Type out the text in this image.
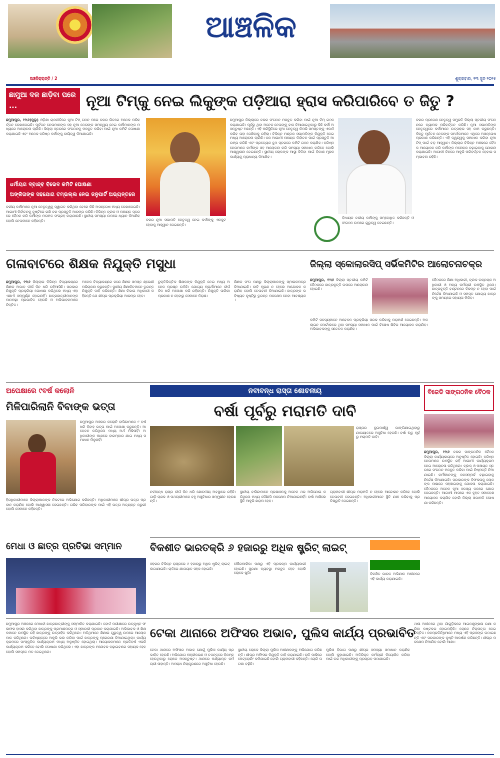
ଆଞ୍ଚଳିକ
ଅଞ୍ଚଳିକ୍ରାନ୍ତି / 2	ଶୁକ୍ରବାର, ୧୩ ଜୁନ ୨୦୨୫
ଛାମୁଆ ଦଳ ଛାଡ଼ିବା ପରେ ...	ନୂଆ ଟିମ୍‌କୁ ନେଇ ଲିକୁଙ୍କ ପଡ଼ିଆରା ହ୍ରାସ କରିପାରିବେ ତ ଜିତୁ ?
ଛମୁଆପୁର, ୧୨ା୬(ଜୁଲୁ) ଓଡ଼ିଶା ରାଜନୀତିରେ ନୂଆ ଟିମ୍ ଗଠନ ପରେ ଦଳର ଭିତରେ ଅନେକ ପରିବର୍ତ୍ତନ ଦେଖାଦେଇଛି। ପୂର୍ବତନ ନେତାମାନଙ୍କ ସହ ନୂଆ ନେତାଙ୍କ ସମନ୍ୱୟ ନେଇ କର୍ମୀମାନଙ୍କ ମଧ୍ୟରେ ଆଲୋଚନା ଚାଲିଛି। ଜିଲ୍ଲା ସ୍ତରରେ ସଂଗଠନକୁ ମଜବୁତ କରିବା ପାଇଁ ନୂଆ କମିଟି ଘୋଷଣା କରାଯାଇଛି ଏବଂ ଅନେକ ବରିଷ୍ଠ କର୍ମୀଙ୍କୁ ଦାୟିତ୍ୱ ଦିଆଯାଇଛି।
ଧର୍ମୀୟଗ ଦ୍ବାନ୍ଦ୍ବ ବିଭେଦ କମିଟି ଘୋଷଣା
ଅଙ୍କିତାଙ୍କ ସହଯୋଗ ତମ୍ଭଲ୍ଲ ନେଇ ଜନୁପାର୍ଟି ଅଭ୍ୟନ୍ତରେ
ଦଳୀୟ କର୍ମୀମାନେ ନୂଆ ନେତୃତ୍ୱକୁ ସ୍ୱାଗତ କରିଥିବା ବେଳେ କିଛି ଅସନ୍ତୋଷ ମଧ୍ୟ ଦେଖାଦେଇଛି। ଆଗାମୀ ନିର୍ବାଚନକୁ ଦୃଷ୍ଟିରେ ରଖି ଦଳ ପ୍ରସ୍ତୁତି ଆରମ୍ଭ କରିଛି। ବିଭିନ୍ନ ବ୍ଲକ ଓ ପଞ୍ଚାୟତ ସ୍ତରରେ ବୈଠକ କରି କର୍ମୀଙ୍କ ମତାମତ ସଂଗ୍ରହ କରାଯାଉଛି। ସ୍ଥାନୀୟ ସମସ୍ୟା ଉପରେ ଧ୍ୟାନ ଦିଆଯିବ ବୋଲି ନେତାମାନେ କହିଛନ୍ତି।	ଦଳର ନୂଆ ସଭାପତି ନେତୃତ୍ୱ ନେଇ କର୍ମୀଙ୍କୁ ଏକଜୁଟ ହେବାକୁ ଆହ୍ୱାନ ଦେଇଛନ୍ତି।
ଛମୁଆପୁର ଜିଲ୍ଲାରେ ଦଳର ସଂଗଠନ ମଜବୁତ କରିବା ପାଇଁ ନୂଆ ଟିମ୍ ଗଠନ କରାଯାଇଛି। ପୂର୍ବରୁ ଥିବା ଅନେକ ନେତାଙ୍କୁ ବାଦ ଦିଆଯାଇଥିବାରୁ କିଛି କର୍ମୀ ଅସନ୍ତୁଷ୍ଟ ଅଛନ୍ତି। ଏହି ପରିସ୍ଥିତିରେ ନୂଆ ନେତୃତ୍ୱ କିପରି ସମସ୍ତଙ୍କୁ ଏକାଠି କରିବ ତାହା ଦେଖିବାକୁ ରହିଲା। ବିଭିନ୍ନ ମଣ୍ଡଳ ସଭାପତିଙ୍କ ନିଯୁକ୍ତି ନେଇ ମଧ୍ୟ ଆଲୋଚନା ଚାଲିଛି। ଦଳ ଆଗାମୀ ପଞ୍ଚାୟତ ନିର୍ବାଚନ ପାଇଁ ପ୍ରସ୍ତୁତି ଆରମ୍ଭ କରିଛି ଏବଂ ପ୍ରତ୍ୟେକ ବୁଥ ସ୍ତରରେ କମିଟି ଗଠନ କରାଯିବ। ବରିଷ୍ଠ ନେତାମାନେ କର୍ମୀଙ୍କ ସହ ଆଲୋଚନା କରି ସମସ୍ୟା ସମାଧାନ କରିବେ ବୋଲି ଆଶ୍ୱାସନା ଦେଇଛନ୍ତି। ସ୍ଥାନୀୟ ଲୋକଙ୍କ ଆସ୍ଥା ଜିତିବା ପାଇଁ ବିକାଶ ମୂଳକ କାର୍ଯ୍ୟକୁ ପ୍ରାଧାନ୍ୟ ଦିଆଯିବ।
ବିଧାୟକ ଦଳୀୟ କର୍ମୀଙ୍କୁ ସମ୍ବୋଧିତ କରିଛନ୍ତି ଓ ସଂଗଠନ ଉପରେ ଗୁରୁତ୍ୱ ଦେଇଛନ୍ତି।
ଦଳର ପ୍ରଦେଶ ନେତୃତ୍ୱ ସମ୍ପ୍ରତି ଜିଲ୍ଲା ସ୍ତରୀୟ ସଂଗଠନରେ ବ୍ୟାପକ ପରିବର୍ତ୍ତନ କରିଛି। ନୂଆ ସଭାପତିଙ୍କ ନେତୃତ୍ୱରେ କର୍ମୀମାନେ ଉତ୍ସାହର ସହ କାମ କରୁଛନ୍ତି। କିନ୍ତୁ ପୂର୍ବତନ ନେତାଙ୍କ ସମର୍ଥକମାନେ ଏଥିରେ ଅସନ୍ତୋଷ ପ୍ରକାଶ କରିଛନ୍ତି। ଏହି ଦ୍ୱନ୍ଦ୍ୱକୁ ସମାଧାନ କରିବା ନୂଆ ଟିମ୍ ପାଇଁ ବଡ଼ ଆହ୍ୱାନ। ଜିଲ୍ଲାର ବିଭିନ୍ନ ଅଞ୍ଚଳରେ ବୈଠକ ଆୟୋଜନ କରି କର୍ମୀଙ୍କ ମନୋବଳ ବଢ଼ାଇବାକୁ ଯୋଜନା କରାଯାଇଛି। ଆଗାମୀ ଦିନରେ ଆହୁରି ପରିବର୍ତ୍ତନ ହେବାର ସମ୍ଭାବନା ରହିଛି।
ଗଳାବାଟରେ ଶିକ୍ଷକ ନିଯୁକ୍ତି ମସୁଧା
ଛମୁଆପୁର, ୧୨ା୬ ଜିଲ୍ଲାର ବିଭିନ୍ନ ବିଦ୍ୟାଳୟରେ ଶିକ୍ଷକ ଅଭାବ ଦୀର୍ଘ ଦିନ ଧରି ରହିଆସିଛି। ସରକାର ନିଯୁକ୍ତି ପ୍ରକ୍ରିୟା ଘୋଷଣା କରିଥିଲେ ମଧ୍ୟ ଏହା ଏଯାଏଁ ସମ୍ପୂର୍ଣ୍ଣ ହୋଇନାହିଁ। ଛାତ୍ରଛାତ୍ରୀମାନଙ୍କ ପାଠପଢ଼ା ପ୍ରଭାବିତ ହେଉଛି ଓ ଅଭିଭାବକମାନେ ଚିନ୍ତିତ।
ଅନେକ ବିଦ୍ୟାଳୟରେ ଜଣେ ଶିକ୍ଷକ ସମସ୍ତ ଶ୍ରେଣୀ ପରିଚାଳନା କରୁଛନ୍ତି। ସ୍ଥାନୀୟ ଶିକ୍ଷାବିତମାନେ ତୁରନ୍ତ ନିଯୁକ୍ତି ଦାବି କରିଛନ୍ତି। ଶିକ୍ଷା ବିଭାଗ ଅଧିକାରୀ କହିଛନ୍ତି ଯେ ଶୀଘ୍ର ପ୍ରକ୍ରିୟା ଆରମ୍ଭ ହେବ।
ଚୁକ୍ତିଭିତ୍ତିକ ଶିକ୍ଷକଙ୍କ ନିଯୁକ୍ତି ନେଇ ମଧ୍ୟ ଅନେକ ପ୍ରଶ୍ନ ଉଠିଛି। ଯୋଗ୍ୟ ପ୍ରାର୍ଥୀମାନେ ଦୀର୍ଘ ଦିନ ଧରି ଅପେକ୍ଷା କରି ରହିଛନ୍ତି। ନିଯୁକ୍ତି ତାଲିକା ପ୍ରକାଶ ନ ହେବାରୁ ସେମାନେ ନିରାଶ।
ଶିକ୍ଷକ ସଂଘ ପକ୍ଷରୁ ଜିଲ୍ଲାପାଳଙ୍କୁ ସ୍ମାରକପତ୍ର ଦିଆଯାଇଛି। ଦାବି ପୂରଣ ନ ହେଲେ ଆନ୍ଦୋଳନ କରାଯିବ ବୋଲି ଚେତାବନୀ ଦିଆଯାଇଛି। ଛାତ୍ରଙ୍କ ଭବିଷ୍ୟତ ଦୃଷ୍ଟିରୁ ତୁରନ୍ତ ପଦକ୍ଷେପ ନେବା ଆବଶ୍ୟକ।
ଜିଲ୍ଲା ସ୍କୋଲାରସିପ୍ ସର୍ଭିକମିଟିର ଆଲୋଚନାଚକ୍ର
ଛମୁଆପୁର, ୧୨ା୬ ଜିଲ୍ଲା ସ୍ତରୀୟ କମିଟି ବୈଠକରେ ଛାତ୍ରବୃତ୍ତି ଉପରେ ଆଲୋଚନା ହୋଇଛି।
ବୈଠକରେ ଶିକ୍ଷା ଅଧିକାରୀ, ବ୍ଲକ ଉନ୍ନୟନ ଅଧିକାରୀ ଓ ଅନ୍ୟ କର୍ମଚାରୀ ଉପସ୍ଥିତ ଥିଲେ। ଛାତ୍ରବୃତ୍ତି ବଣ୍ଟନରେ ବିଳମ୍ବ ନ ହେବା ପାଇଁ ନିର୍ଦ୍ଦେଶ ଦିଆଯାଇଛି ଓ ସମସ୍ତ ଯୋଗ୍ୟ ଛାତ୍ରଙ୍କୁ ସମୟରେ ସହାୟତା ମିଳିବ।
କମିଟି ସଦସ୍ୟମାନେ ଆବେଦନ ପ୍ରକ୍ରିୟା ସରଳ କରିବାକୁ ପରାମର୍ଶ ଦେଇଛନ୍ତି। ଅନଲାଇନ ପୋର୍ଟାଲରେ ଥିବା ସମସ୍ୟା ସମାଧାନ ପାଇଁ ବିଶେଷ ଶିବିର ଆୟୋଜନ କରାଯିବ। ଅଭିଭାବକଙ୍କୁ ସଚେତନ କରାଯିବ।
ନବୀବନ୍ଧ ରାସ୍ତା ଶୋଚନୀୟ
ବର୍ଷା ପୂର୍ବରୁ ମରାମତି ଦାବି
ରାସ୍ତାର ଦୁଇପାର୍ଶ୍ୱ ଭାଙ୍ଗିଯାଇଥିବାରୁ ଯାତାୟାତରେ ଅସୁବିଧା ହେଉଛି। ବର୍ଷା ଋତୁ ପୂର୍ବରୁ ମରାମତି ଦାବି।
ନବୀବନ୍ଧ ରାସ୍ତା ଦୀର୍ଘ ଦିନ ଧରି ଶୋଚନୀୟ ଅବସ୍ଥାରେ ରହିଛି। ଗାଡ଼ି ଚାଳକ ଓ ପଥଚାରୀମାନେ ବହୁ ଅସୁବିଧାର ସମ୍ମୁଖୀନ ହେଉଛନ୍ତି।
ସ୍ଥାନୀୟ ବାସିନ୍ଦାମାନେ ପ୍ରଶାସନକୁ ଅନେକ ଥର ଅଭିଯୋଗ କରିଥିଲେ ମଧ୍ୟ କୌଣସି ପଦକ୍ଷେପ ନିଆଯାଇନାହିଁ। ବର୍ଷା ଆସିଲେ ସ୍ଥିତି ଆହୁରି ଖରାପ ହେବ।
ଗ୍ରାମବାସୀ ଶୀଘ୍ର ମରାମତି ନ ହେଲେ ଆନ୍ଦୋଳନ କରିବେ ବୋଲି ଚେତାବନୀ ଦେଇଛନ୍ତି। ଅଧିକାରୀମାନେ ସ୍ଥିତି ଯାଞ୍ଚ କରିବାକୁ ପ୍ରତିଶ୍ରୁତି ଦେଇଛନ୍ତି।
ଅପେକ୍ଷାରେ ୯ବର୍ଷ କଲୋନି
ମିଳିପାରିଲାନି ବିବାଙ୍କ ଭତ୍ତା
ଛମୁଆପୁର ଅଞ୍ଚଳର କଲୋନି ବାସିନ୍ଦାମାନେ ୯ ବର୍ଷ ଧରି ବିବାହ ଭତ୍ତା ପାଇଁ ଅପେକ୍ଷା କରୁଛନ୍ତି। ଆବେଦନ କରିଥିଲେ ମଧ୍ୟ ଅର୍ଥ ମିଳିନାହିଁ। ଅଧିକାରୀଙ୍କ ପାଖରେ ବାରମ୍ବାର ଯାଇ ମଧ୍ୟ ସମାଧାନ ମିଳୁନାହିଁ।
ହିତାଧିକାରୀମାନେ ଜିଲ୍ଲାପାଳଙ୍କ ନିକଟରେ ଅଭିଯୋଗ କରିଛନ୍ତି। ଅଧିକାରୀମାନେ ଶୀଘ୍ର ଭତ୍ତା ପ୍ରଦାନ କରାଯିବ ବୋଲି ଆଶ୍ୱାସନା ଦେଇଛନ୍ତି। ଗରିବ ପରିବାରଙ୍କ ପାଇଁ ଏହି ଭତ୍ତା ଅତ୍ୟନ୍ତ ଜରୁରୀ ବୋଲି ସେମାନେ କହିଛନ୍ତି।
ବିଜେଡି ସାଙ୍ଗଠନିକ ବୈଠକ
ଛମୁଆପୁର, ୧୨ା୬ ଦଳର ସାଙ୍ଗଠନିକ ବୈଠକ ଜିଲ୍ଲା କାର୍ଯ୍ୟାଳୟରେ ଅନୁଷ୍ଠିତ ହୋଇଛି। ବରିଷ୍ଠ ନେତାମାନେ ଉପସ୍ଥିତ ରହି ଆଗାମୀ କାର୍ଯ୍ୟକ୍ରମ ନେଇ ଆଲୋଚନା କରିଥିଲେ। ବ୍ଲକ ଓ ପଞ୍ଚାୟତ ସ୍ତରରେ ସଂଗଠନ ମଜବୁତ କରିବା ପାଇଁ ନିଷ୍ପତ୍ତି ନିଆଯାଇଛି। କର୍ମୀମାନଙ୍କୁ ଜନସମ୍ପର୍କ ବଢ଼ାଇବାକୁ ନିର୍ଦ୍ଦେଶ ଦିଆଯାଇଛି। ସରକାରଙ୍କ ବିଫଳତାକୁ ଲୋକଙ୍କ ପାଖରେ ପହଞ୍ଚାଇବାକୁ ଯୋଜନା କରାଯାଇଛି। ବୈଠକରେ ଅନେକ ନୂଆ ସଦସ୍ୟ ଦଳରେ ଯୋଗ ଦେଇଛନ୍ତି। ଆଗାମୀ ମାସରେ ଏକ ବୃହତ ସମାବେଶ ଆୟୋଜନ କରାଯିବ ବୋଲି ଜିଲ୍ଲା ସଭାପତି ଘୋଷଣା କରିଛନ୍ତି।
ବିକଶୀତ ଭାରତକ୍ରି ୬ ହଜାରରୁ ଅଧିକ ଷ୍ଟ୍ରିଟ୍ ଲାଇଟ୍
ସହରର ବିଭିନ୍ନ ରାସ୍ତାରେ ୬ ହଜାରରୁ ଅଧିକ ଷ୍ଟ୍ରିଟ୍ ଲାଇଟ୍ ଲଗାଯାଇଛି। ରାତିରେ ଯାତାୟାତ ସହଜ ହୋଇଛି।
ପୌରପାଳିକା ପକ୍ଷରୁ ଏହି ପ୍ରକଳ୍ପ କାର୍ଯ୍ୟକାରୀ ହୋଇଛି। ସୁରକ୍ଷା ବ୍ୟବସ୍ଥା ମଜବୁତ ହେବ ବୋଲି ଲୋକେ ଖୁସି।	ବିକଶିତ ଭାରତ ଅଭିଯାନ ଅଧୀନରେ ଏହି କାର୍ଯ୍ୟ କରାଯାଇଛି।
ମେଧା ଓ ଛାତ୍ର ପ୍ରତିଭା ସମ୍ମାନ
ଟେକା ଥାନାରେ ଅଫିସର ଅଭାବ, ପୁଲିସ କାର୍ଯ୍ୟ ପ୍ରଭାବିତ
ଛମୁଆପୁର ଅଞ୍ଚଳରେ ମେଧାବୀ ଛାତ୍ରଛାତ୍ରୀଙ୍କୁ ସମ୍ମାନିତ କରାଯାଇଛି। ବୋର୍ଡ ପରୀକ୍ଷାରେ ଉତ୍କୃଷ୍ଟ ଫଳାଫଳ ହାସଲ କରିଥିବା ଛାତ୍ରଙ୍କୁ ପ୍ରମାଣପତ୍ର ଓ ସ୍ମାରକୀ ପ୍ରଦାନ କରାଯାଇଛି। ଅଭିଭାବକ ଓ ଶିକ୍ଷକମାନେ ଉପସ୍ଥିତ ରହି ଛାତ୍ରଙ୍କୁ ଉତ୍ସାହିତ କରିଥିଲେ। ଅତିଥିମାନେ ଶିକ୍ଷାର ଗୁରୁତ୍ୱ ଉପରେ ଆଲୋକପାତ କରିଥିଲେ। ଭବିଷ୍ୟତରେ ଆହୁରି ଭଲ କରିବା ପାଇଁ ଛାତ୍ରଙ୍କୁ ପ୍ରେରଣା ଦିଆଯାଇଥିଲା। କାର୍ଯ୍ୟକ୍ରମରେ ସାଂସ୍କୃତିକ କାର୍ଯ୍ୟକ୍ରମ ମଧ୍ୟ ଅନୁଷ୍ଠିତ ହୋଇଥିଲା। ଆୟୋଜକମାନେ ପ୍ରତିବର୍ଷ ଏଭଳି କାର୍ଯ୍ୟକ୍ରମ କରିବେ ବୋଲି ଘୋଷଣା କରିଥିଲେ। ଏହା ଛାତ୍ରଙ୍କ ମନୋବଳ ବଢ଼ାଇବାରେ ସହାୟକ ହେବ ବୋଲି ସମସ୍ତେ ମତ ଦେଇଥିଲେ।	ଟେକା ଥାନାରେ ଅଫିସର ଅଭାବ ଯୋଗୁଁ ପୁଲିସ କାର୍ଯ୍ୟ ପ୍ରଭାବିତ ହେଉଛି। ଅଭିଯୋଗ ପଞ୍ଜୀକରଣ ଓ ତଦନ୍ତରେ ବିଳମ୍ବ ହେଉଥିବାରୁ ଲୋକେ ଅସନ୍ତୁଷ୍ଟ। ଥାନାରେ ପର୍ଯ୍ୟାପ୍ତ କର୍ମଚାରୀ ନାହାନ୍ତି। ଅପରାଧ ନିୟନ୍ତ୍ରଣରେ ଅସୁବିଧା ହେଉଛି।
ସ୍ଥାନୀୟ ଲୋକେ ଜିଲ୍ଲା ପୁଲିସ ଅଧୀକ୍ଷକଙ୍କୁ ଅଭିଯୋଗ କରିଛନ୍ତି। ଶୀଘ୍ର ଅଫିସର ନିଯୁକ୍ତି ଦାବି କରାଯାଇଛି। ରାତି ପାଳିରେ ପେଟ୍ରୋଲିଂ କମିଯାଇଛି ବୋଲି ଗ୍ରାମବାସୀ କହିଛନ୍ତି। ଚୋରି ଘଟଣା ବଢ଼ିଛି।
ପୁଲିସ ବିଭାଗ ପକ୍ଷରୁ ଶୀଘ୍ର ସମସ୍ୟା ସମାଧାନ କରାଯିବ ବୋଲି କୁହାଯାଇଛି। ଅତିରିକ୍ତ କର୍ମଚାରୀ ନିୟୋଜିତ କରିବା ପାଇଁ ଉଚ୍ଚ ଅଧିକାରୀଙ୍କୁ ପ୍ରସ୍ତାବ ପଠାଯାଇଛି।
ଥାନା ଅଧୀନରେ ଥିବା ଗାଁଗୁଡ଼ିକରେ ଆଇନଶୃଙ୍ଖଳା ରକ୍ଷା କରିବା କଷ୍ଟକର ହୋଇପଡ଼ିଛି। ଲୋକେ ନିରାପତ୍ତା ନେଇ ଚିନ୍ତିତ। ଜନପ୍ରତିନିଧିମାନେ ମଧ୍ୟ ଏହି ପ୍ରସଙ୍ଗ ଉଠାଇଛନ୍ତି ଏବଂ ସରକାରଙ୍କ ଦୃଷ୍ଟି ଆକର୍ଷଣ କରିଛନ୍ତି। ଶୀଘ୍ର ପଦକ୍ଷେପ ନିଆଯିବ ବୋଲି ଆଶା।
